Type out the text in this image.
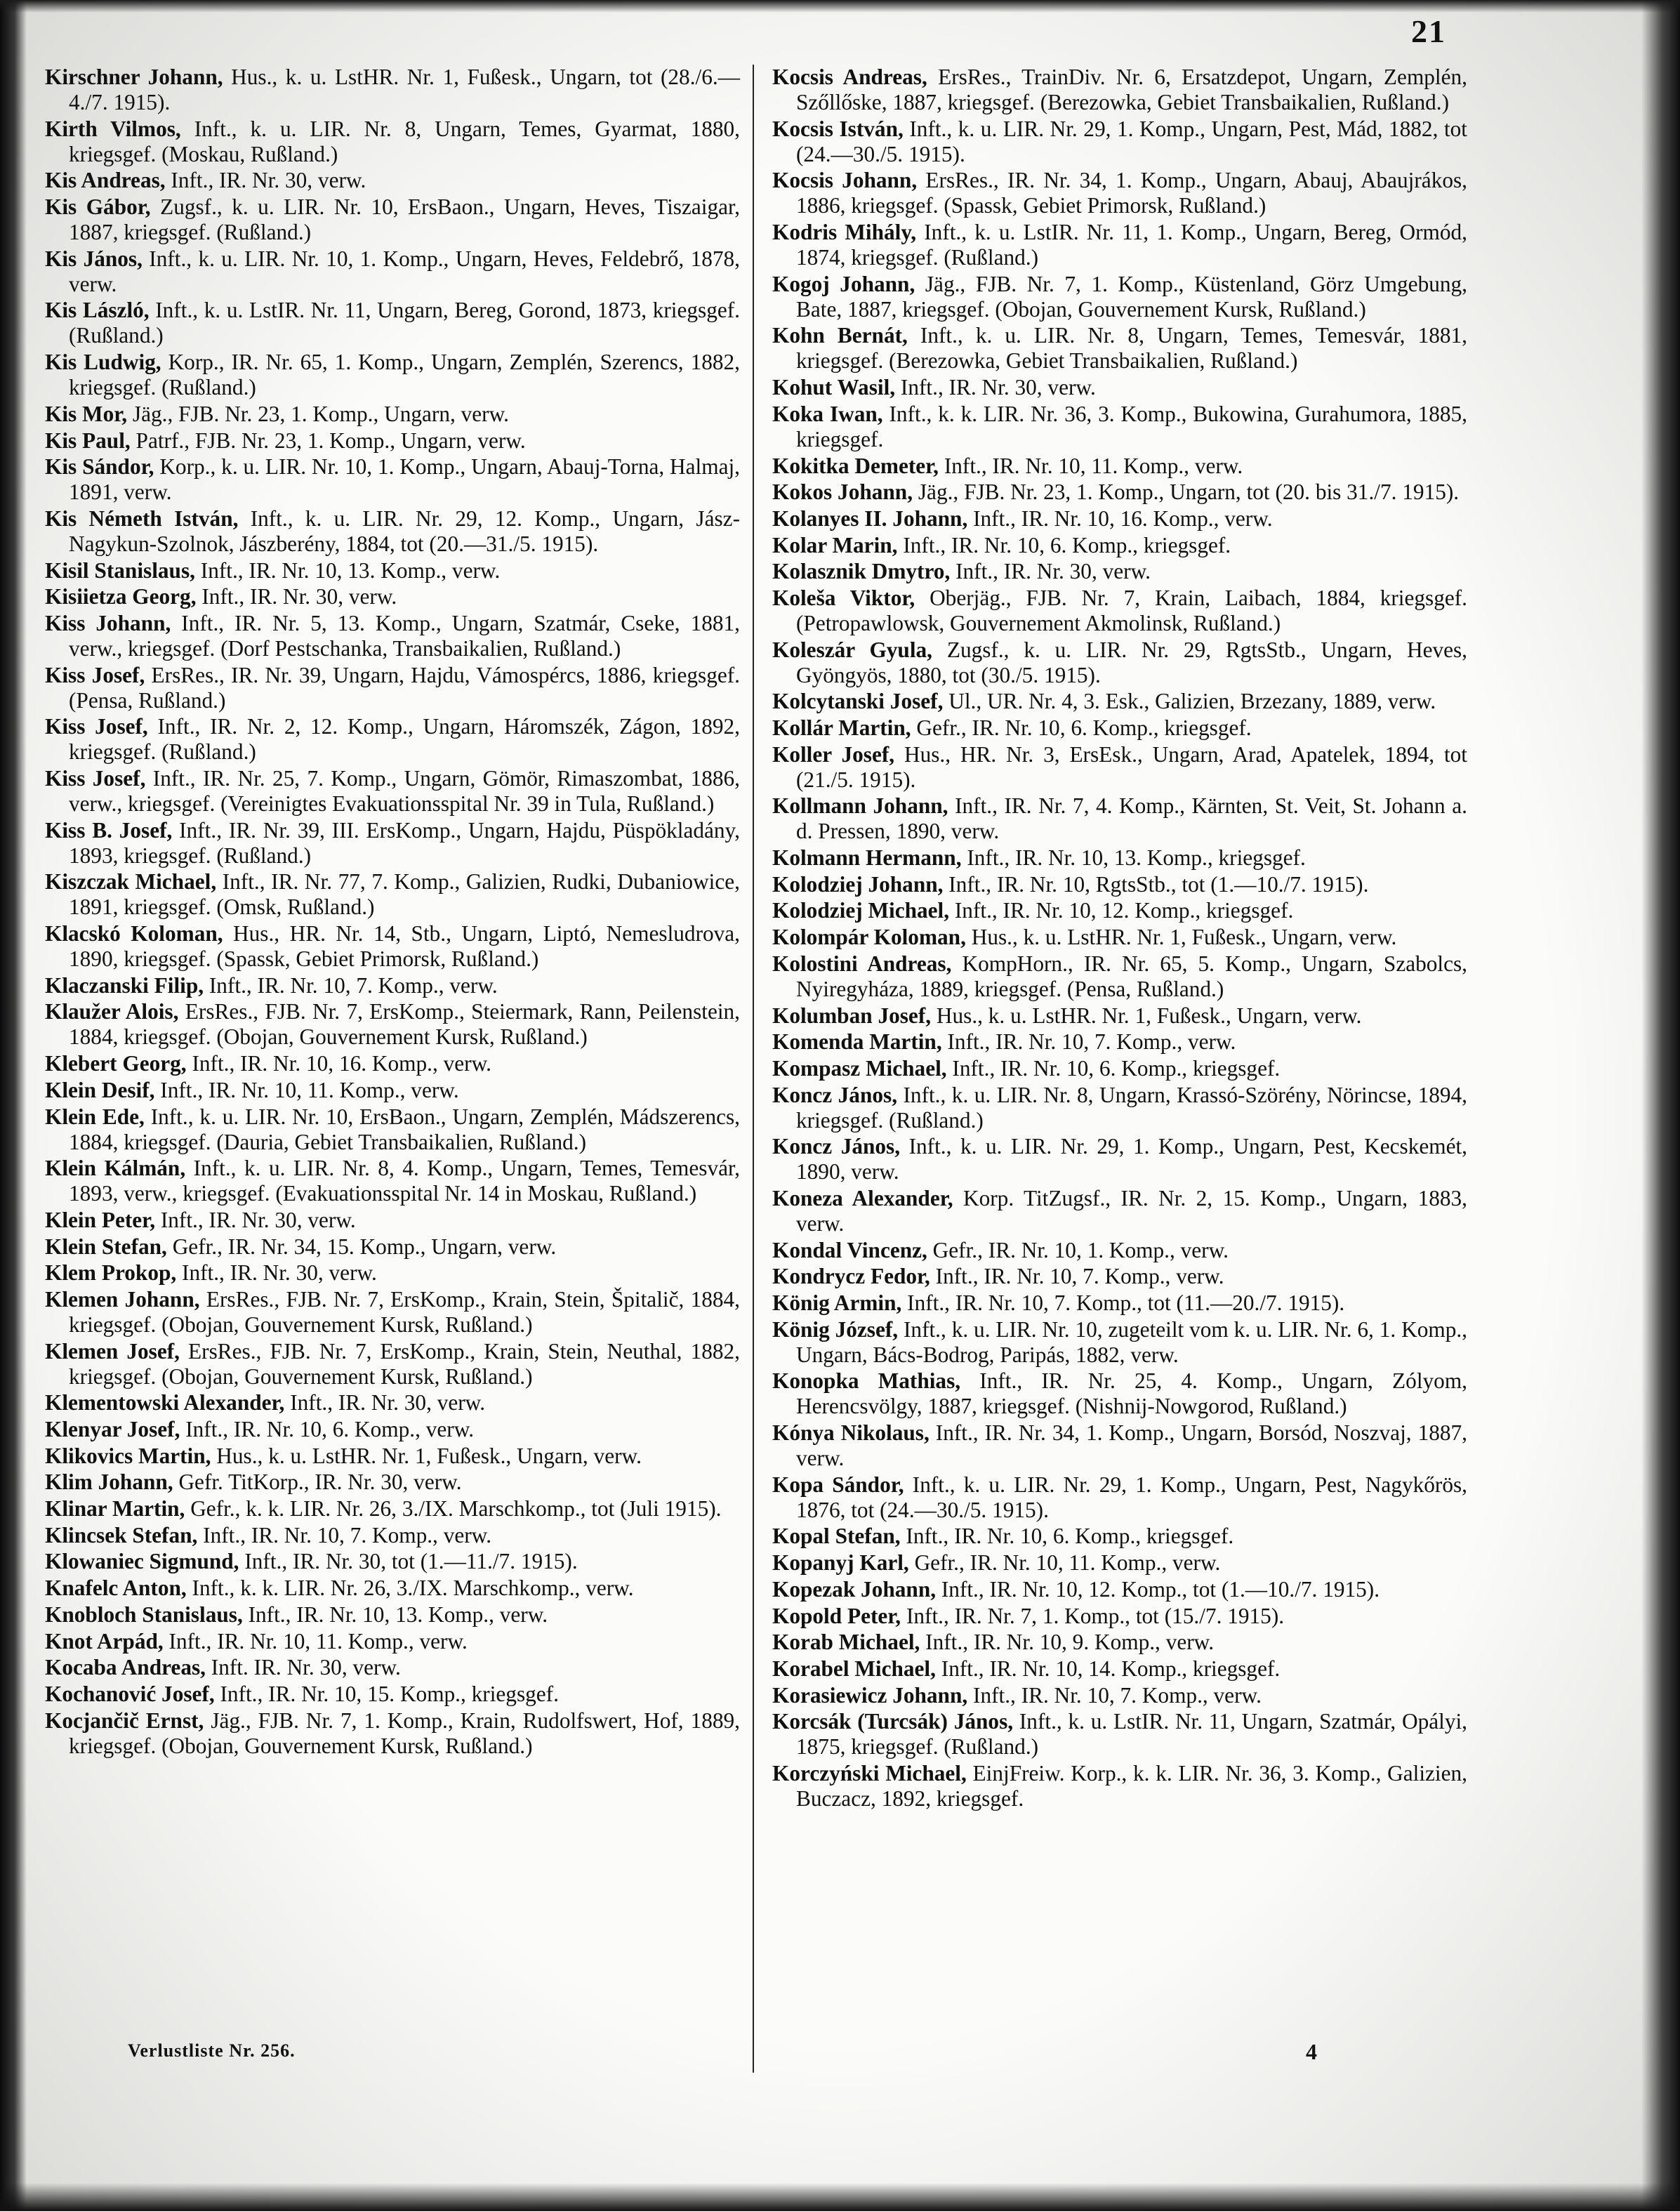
21

Kirschner Johann, Hus., k. u. LstHR. Nr. 1, Fußesk., Ungarn, tot (28./6.—4./7. 1915).

Kirth Vilmos, Inft., k. u. LIR. Nr. 8, Ungarn, Temes, Gyarmat, 1880, kriegsgef. (Moskau, Rußland.)

Kis Andreas, Inft., IR. Nr. 30, verw.

Kis Gábor, Zugsf., k. u. LIR. Nr. 10, ErsBaon., Ungarn, Heves, Tiszaigar, 1887, kriegsgef. (Rußland.)

Kis János, Inft., k. u. LIR. Nr. 10, 1. Komp., Ungarn, Heves, Feldebrő, 1878, verw.

Kis László, Inft., k. u. LstIR. Nr. 11, Ungarn, Bereg, Gorond, 1873, kriegsgef. (Rußland.)

Kis Ludwig, Korp., IR. Nr. 65, 1. Komp., Ungarn, Zemplén, Szerencs, 1882, kriegsgef. (Rußland.)

Kis Mor, Jäg., FJB. Nr. 23, 1. Komp., Ungarn, verw.

Kis Paul, Patrf., FJB. Nr. 23, 1. Komp., Ungarn, verw.

Kis Sándor, Korp., k. u. LIR. Nr. 10, 1. Komp., Ungarn, Abauj-Torna, Halmaj, 1891, verw.

Kis Németh István, Inft., k. u. LIR. Nr. 29, 12. Komp., Ungarn, Jász-Nagykun-Szolnok, Jászberény, 1884, tot (20.—31./5. 1915).

Kisil Stanislaus, Inft., IR. Nr. 10, 13. Komp., verw.

Kisiietza Georg, Inft., IR. Nr. 30, verw.

Kiss Johann, Inft., IR. Nr. 5, 13. Komp., Ungarn, Szatmár, Cseke, 1881, verw., kriegsgef. (Dorf Pestschanka, Transbaikalien, Rußland.)

Kiss Josef, ErsRes., IR. Nr. 39, Ungarn, Hajdu, Vámospércs, 1886, kriegsgef. (Pensa, Rußland.)

Kiss Josef, Inft., IR. Nr. 2, 12. Komp., Ungarn, Háromszék, Zágon, 1892, kriegsgef. (Rußland.)

Kiss Josef, Inft., IR. Nr. 25, 7. Komp., Ungarn, Gömör, Rimaszombat, 1886, verw., kriegsgef. (Vereinigtes Evakuationsspital Nr. 39 in Tula, Rußland.)

Kiss B. Josef, Inft., IR. Nr. 39, III. ErsKomp., Ungarn, Hajdu, Püspökladány, 1893, kriegsgef. (Rußland.)

Kiszczak Michael, Inft., IR. Nr. 77, 7. Komp., Galizien, Rudki, Dubaniowice, 1891, kriegsgef. (Omsk, Rußland.)

Klacskó Koloman, Hus., HR. Nr. 14, Stb., Ungarn, Liptó, Nemesludrova, 1890, kriegsgef. (Spassk, Gebiet Primorsk, Rußland.)

Klaczanski Filip, Inft., IR. Nr. 10, 7. Komp., verw.

Klaužer Alois, ErsRes., FJB. Nr. 7, ErsKomp., Steiermark, Rann, Peilenstein, 1884, kriegsgef. (Obojan, Gouvernement Kursk, Rußland.)

Klebert Georg, Inft., IR. Nr. 10, 16. Komp., verw.

Klein Desif, Inft., IR. Nr. 10, 11. Komp., verw.

Klein Ede, Inft., k. u. LIR. Nr. 10, ErsBaon., Ungarn, Zemplén, Mádszerencs, 1884, kriegsgef. (Dauria, Gebiet Transbaikalien, Rußland.)

Klein Kálmán, Inft., k. u. LIR. Nr. 8, 4. Komp., Ungarn, Temes, Temesvár, 1893, verw., kriegsgef. (Evakuationsspital Nr. 14 in Moskau, Rußland.)

Klein Peter, Inft., IR. Nr. 30, verw.

Klein Stefan, Gefr., IR. Nr. 34, 15. Komp., Ungarn, verw.

Klem Prokop, Inft., IR. Nr. 30, verw.

Klemen Johann, ErsRes., FJB. Nr. 7, ErsKomp., Krain, Stein, Špitalič, 1884, kriegsgef. (Obojan, Gouvernement Kursk, Rußland.)

Klemen Josef, ErsRes., FJB. Nr. 7, ErsKomp., Krain, Stein, Neuthal, 1882, kriegsgef. (Obojan, Gouvernement Kursk, Rußland.)

Klementowski Alexander, Inft., IR. Nr. 30, verw.

Klenyar Josef, Inft., IR. Nr. 10, 6. Komp., verw.

Klikovics Martin, Hus., k. u. LstHR. Nr. 1, Fußesk., Ungarn, verw.

Klim Johann, Gefr. TitKorp., IR. Nr. 30, verw.

Klinar Martin, Gefr., k. k. LIR. Nr. 26, 3./IX. Marschkomp., tot (Juli 1915).

Klincsek Stefan, Inft., IR. Nr. 10, 7. Komp., verw.

Klowaniec Sigmund, Inft., IR. Nr. 30, tot (1.—11./7. 1915).

Knafelc Anton, Inft., k. k. LIR. Nr. 26, 3./IX. Marschkomp., verw.

Knobloch Stanislaus, Inft., IR. Nr. 10, 13. Komp., verw.

Knot Arpád, Inft., IR. Nr. 10, 11. Komp., verw.

Kocaba Andreas, Inft. IR. Nr. 30, verw.

Kochanović Josef, Inft., IR. Nr. 10, 15. Komp., kriegsgef.

Kocjančič Ernst, Jäg., FJB. Nr. 7, 1. Komp., Krain, Rudolfswert, Hof, 1889, kriegsgef. (Obojan, Gouvernement Kursk, Rußland.)

Kocsis Andreas, ErsRes., TrainDiv. Nr. 6, Ersatzdepot, Ungarn, Zemplén, Szőllőske, 1887, kriegsgef. (Berezowka, Gebiet Transbaikalien, Rußland.)

Kocsis István, Inft., k. u. LIR. Nr. 29, 1. Komp., Ungarn, Pest, Mád, 1882, tot (24.—30./5. 1915).

Kocsis Johann, ErsRes., IR. Nr. 34, 1. Komp., Ungarn, Abauj, Abaujrákos, 1886, kriegsgef. (Spassk, Gebiet Primorsk, Rußland.)

Kodris Mihály, Inft., k. u. LstIR. Nr. 11, 1. Komp., Ungarn, Bereg, Ormód, 1874, kriegsgef. (Rußland.)

Kogoj Johann, Jäg., FJB. Nr. 7, 1. Komp., Küstenland, Görz Umgebung, Bate, 1887, kriegsgef. (Obojan, Gouvernement Kursk, Rußland.)

Kohn Bernát, Inft., k. u. LIR. Nr. 8, Ungarn, Temes, Temesvár, 1881, kriegsgef. (Berezowka, Gebiet Transbaikalien, Rußland.)

Kohut Wasil, Inft., IR. Nr. 30, verw.

Koka Iwan, Inft., k. k. LIR. Nr. 36, 3. Komp., Bukowina, Gurahumora, 1885, kriegsgef.

Kokitka Demeter, Inft., IR. Nr. 10, 11. Komp., verw.

Kokos Johann, Jäg., FJB. Nr. 23, 1. Komp., Ungarn, tot (20. bis 31./7. 1915).

Kolanyes II. Johann, Inft., IR. Nr. 10, 16. Komp., verw.

Kolar Marin, Inft., IR. Nr. 10, 6. Komp., kriegsgef.

Kolasznik Dmytro, Inft., IR. Nr. 30, verw.

Koleša Viktor, Oberjäg., FJB. Nr. 7, Krain, Laibach, 1884, kriegsgef. (Petropawlowsk, Gouvernement Akmolinsk, Rußland.)

Koleszár Gyula, Zugsf., k. u. LIR. Nr. 29, RgtsStb., Ungarn, Heves, Gyöngyös, 1880, tot (30./5. 1915).

Kolcytanski Josef, Ul., UR. Nr. 4, 3. Esk., Galizien, Brzezany, 1889, verw.

Kollár Martin, Gefr., IR. Nr. 10, 6. Komp., kriegsgef.

Koller Josef, Hus., HR. Nr. 3, ErsEsk., Ungarn, Arad, Apatelek, 1894, tot (21./5. 1915).

Kollmann Johann, Inft., IR. Nr. 7, 4. Komp., Kärnten, St. Veit, St. Johann a. d. Pressen, 1890, verw.

Kolmann Hermann, Inft., IR. Nr. 10, 13. Komp., kriegsgef.

Kolodziej Johann, Inft., IR. Nr. 10, RgtsStb., tot (1.—10./7. 1915).

Kolodziej Michael, Inft., IR. Nr. 10, 12. Komp., kriegsgef.

Kolompár Koloman, Hus., k. u. LstHR. Nr. 1, Fußesk., Ungarn, verw.

Kolostini Andreas, KompHorn., IR. Nr. 65, 5. Komp., Ungarn, Szabolcs, Nyiregyháza, 1889, kriegsgef. (Pensa, Rußland.)

Kolumban Josef, Hus., k. u. LstHR. Nr. 1, Fußesk., Ungarn, verw.

Komenda Martin, Inft., IR. Nr. 10, 7. Komp., verw.

Kompasz Michael, Inft., IR. Nr. 10, 6. Komp., kriegsgef.

Koncz János, Inft., k. u. LIR. Nr. 8, Ungarn, Krassó-Szörény, Nörincse, 1894, kriegsgef. (Rußland.)

Koncz János, Inft., k. u. LIR. Nr. 29, 1. Komp., Ungarn, Pest, Kecskemét, 1890, verw.

Koneza Alexander, Korp. TitZugsf., IR. Nr. 2, 15. Komp., Ungarn, 1883, verw.

Kondal Vincenz, Gefr., IR. Nr. 10, 1. Komp., verw.

Kondrycz Fedor, Inft., IR. Nr. 10, 7. Komp., verw.

König Armin, Inft., IR. Nr. 10, 7. Komp., tot (11.—20./7. 1915).

König József, Inft., k. u. LIR. Nr. 10, zugeteilt vom k. u. LIR. Nr. 6, 1. Komp., Ungarn, Bács-Bodrog, Paripás, 1882, verw.

Konopka Mathias, Inft., IR. Nr. 25, 4. Komp., Ungarn, Zólyom, Herencsvölgy, 1887, kriegsgef. (Nishnij-Nowgorod, Rußland.)

Kónya Nikolaus, Inft., IR. Nr. 34, 1. Komp., Ungarn, Borsód, Noszvaj, 1887, verw.

Kopa Sándor, Inft., k. u. LIR. Nr. 29, 1. Komp., Ungarn, Pest, Nagykőrös, 1876, tot (24.—30./5. 1915).

Kopal Stefan, Inft., IR. Nr. 10, 6. Komp., kriegsgef.

Kopanyj Karl, Gefr., IR. Nr. 10, 11. Komp., verw.

Kopezak Johann, Inft., IR. Nr. 10, 12. Komp., tot (1.—10./7. 1915).

Kopold Peter, Inft., IR. Nr. 7, 1. Komp., tot (15./7. 1915).

Korab Michael, Inft., IR. Nr. 10, 9. Komp., verw.

Korabel Michael, Inft., IR. Nr. 10, 14. Komp., kriegsgef.

Korasiewicz Johann, Inft., IR. Nr. 10, 7. Komp., verw.

Korcsák (Turcsák) János, Inft., k. u. LstIR. Nr. 11, Ungarn, Szatmár, Opályi, 1875, kriegsgef. (Rußland.)

Korczyński Michael, EinjFreiw. Korp., k. k. LIR. Nr. 36, 3. Komp., Galizien, Buczacz, 1892, kriegsgef.

Verlustliste Nr. 256.	4
